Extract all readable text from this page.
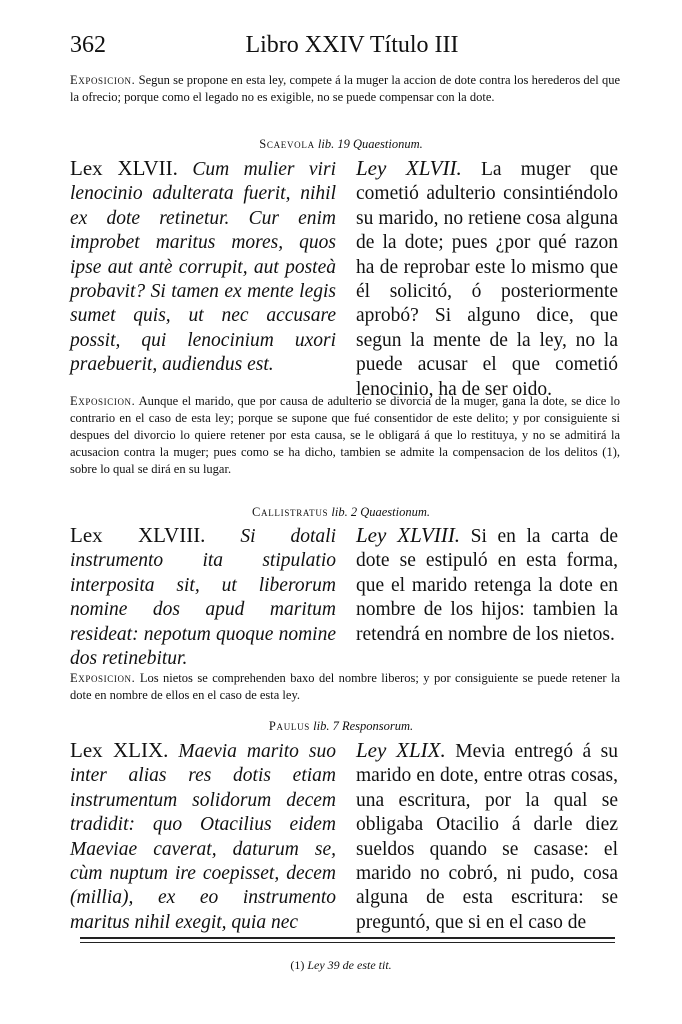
362	Libro XXIV Título III
Exposicion. Segun se propone en esta ley, compete á la muger la accion de dote contra los herederos del que la ofrecio; porque como el legado no es exigible, no se puede compensar con la dote.
Scaevola lib. 19 Quaestionum.
Lex XLVII. Cum mulier viri lenocinio adulterata fuerit, nihil ex dote retinetur. Cur enim improbet maritus mores, quos ipse aut antè corrupit, aut posteà probavit? Si tamen ex mente legis sumet quis, ut nec accusare possit, qui lenocinium uxori praebuerit, audiendus est.
Ley XLVII. La muger que cometió adulterio consintiéndolo su marido, no retiene cosa alguna de la dote; pues ¿por qué razon ha de reprobar este lo mismo que él solicitó, ó posteriormente aprobó? Si alguno dice, que segun la mente de la ley, no la puede acusar el que cometió lenocinio, ha de ser oido.
Exposicion. Aunque el marido, que por causa de adulterio se divorcia de la muger, gana la dote, se dice lo contrario en el caso de esta ley; porque se supone que fué consentidor de este delito; y por consiguiente si despues del divorcio lo quiere retener por esta causa, se le obligará á que lo restituya, y no se admitirá la acusacion contra la muger; pues como se ha dicho, tambien se admite la compensacion de los delitos (1), sobre lo qual se dirá en su lugar.
Callistratus lib. 2 Quaestionum.
Lex XLVIII. Si dotali instrumento ita stipulatio interposita sit, ut liberorum nomine dos apud maritum resideat: nepotum quoque nomine dos retinebitur.
Ley XLVIII. Si en la carta de dote se estipuló en esta forma, que el marido retenga la dote en nombre de los hijos: tambien la retendrá en nombre de los nietos.
Exposicion. Los nietos se comprehenden baxo del nombre liberos; y por consiguiente se puede retener la dote en nombre de ellos en el caso de esta ley.
Paulus lib. 7 Responsorum.
Lex XLIX. Maevia marito suo inter alias res dotis etiam instrumentum solidorum decem tradidit: quo Otacilius eidem Maeviae caverat, daturum se, cùm nuptum ire coepisset, decem (millia), ex eo instrumento maritus nihil exegit, quia nec
Ley XLIX. Mevia entregó á su marido en dote, entre otras cosas, una escritura, por la qual se obligaba Otacilio á darle diez sueldos quando se casase: el marido no cobró, ni pudo, cosa alguna de esta escritura: se preguntó, que si en el caso de
(1) Ley 39 de este tit.
